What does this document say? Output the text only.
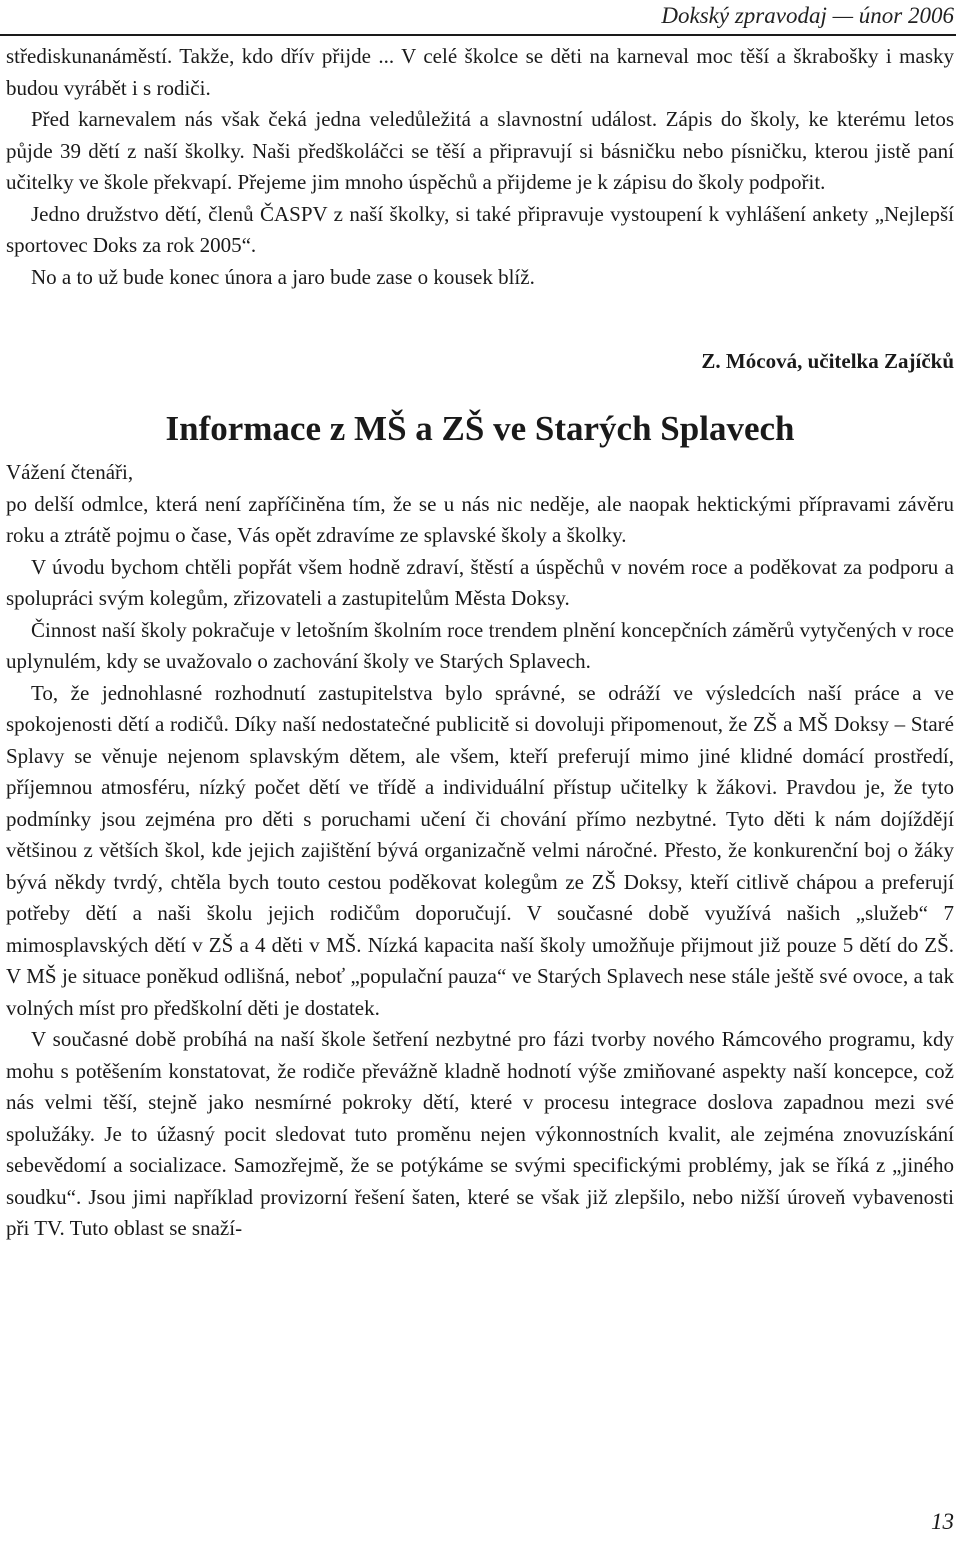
Dokský zpravodaj — únor 2006

střediskunanáměstí. Takže, kdo dřív přijde ... V celé školce se děti na karneval moc těší a škrabošky i masky budou vyrábět i s rodiči.

Před karnevalem nás však čeká jedna veledůležitá a slavnostní událost. Zápis do školy, ke kterému letos půjde 39 dětí z naší školky. Naši předškoláčci se těší a připravují si básničku nebo písničku, kterou jistě paní učitelky ve škole překvapí. Přejeme jim mnoho úspěchů a přijdeme je k zápisu do školy podpořit.

Jedno družstvo dětí, členů ČASPV z naší školky, si také připravuje vystoupení k vyhlášení ankety „Nejlepší sportovec Doks za rok 2005“.

No a to už bude konec února a jaro bude zase o kousek blíž.

Z. Mócová, učitelka Zajíčků
Informace z MŠ a ZŠ ve Starých Splavech

Vážení čtenáři,

po delší odmlce, která není zapříčiněna tím, že se u nás nic neděje, ale naopak hektickými přípravami závěru roku a ztrátě pojmu o čase, Vás opět zdravíme ze splavské školy a školky.

V úvodu bychom chtěli popřát všem hodně zdraví, štěstí a úspěchů v novém roce a poděkovat za podporu a spolupráci svým kolegům, zřizovateli a zastupitelům Města Doksy.

Činnost naší školy pokračuje v letošním školním roce trendem plnění koncepčních záměrů vytyčených v roce uplynulém, kdy se uvažovalo o zachování školy ve Starých Splavech.

To, že jednohlasné rozhodnutí zastupitelstva bylo správné, se odráží ve výsledcích naší práce a ve spokojenosti dětí a rodičů. Díky naší nedostatečné publicitě si dovoluji připomenout, že ZŠ a MŠ Doksy – Staré Splavy se věnuje nejenom splavským dětem, ale všem, kteří preferují mimo jiné klidné domácí prostředí, příjemnou atmosféru, nízký počet dětí ve třídě a individuální přístup učitelky k žákovi. Pravdou je, že tyto podmínky jsou zejména pro děti s poruchami učení či chování přímo nezbytné. Tyto děti k nám dojíždějí většinou z větších škol, kde jejich zajištění bývá organizačně velmi náročné. Přesto, že konkurenční boj o žáky bývá někdy tvrdý, chtěla bych touto cestou poděkovat kolegům ze ZŠ Doksy, kteří citlivě chápou a preferují potřeby dětí a naši školu jejich rodičům doporučují. V současné době využívá našich „služeb“ 7 mimosplavských dětí v ZŠ a 4 děti v MŠ. Nízká kapacita naší školy umožňuje přijmout již pouze 5 dětí do ZŠ. V MŠ je situace poněkud odlišná, neboť „populační pauza“ ve Starých Splavech nese stále ještě své ovoce, a tak volných míst pro předškolní děti je dostatek.

V současné době probíhá na naší škole šetření nezbytné pro fázi tvorby nového Rámcového programu, kdy mohu s potěšením konstatovat, že rodiče převážně kladně hodnotí výše zmiňované aspekty naší koncepce, což nás velmi těší, stejně jako nesmírné pokroky dětí, které v procesu integrace doslova zapadnou mezi své spolužáky. Je to úžasný pocit sledovat tuto proměnu nejen výkonnostních kvalit, ale zejména znovuzískání sebevědomí a socializace. Samozřejmě, že se potýkáme se svými specifickými problémy, jak se říká z „jiného soudku“. Jsou jimi například provizorní řešení šaten, které se však již zlepšilo, nebo nižší úroveň vybavenosti při TV. Tuto oblast se snaží-

13
